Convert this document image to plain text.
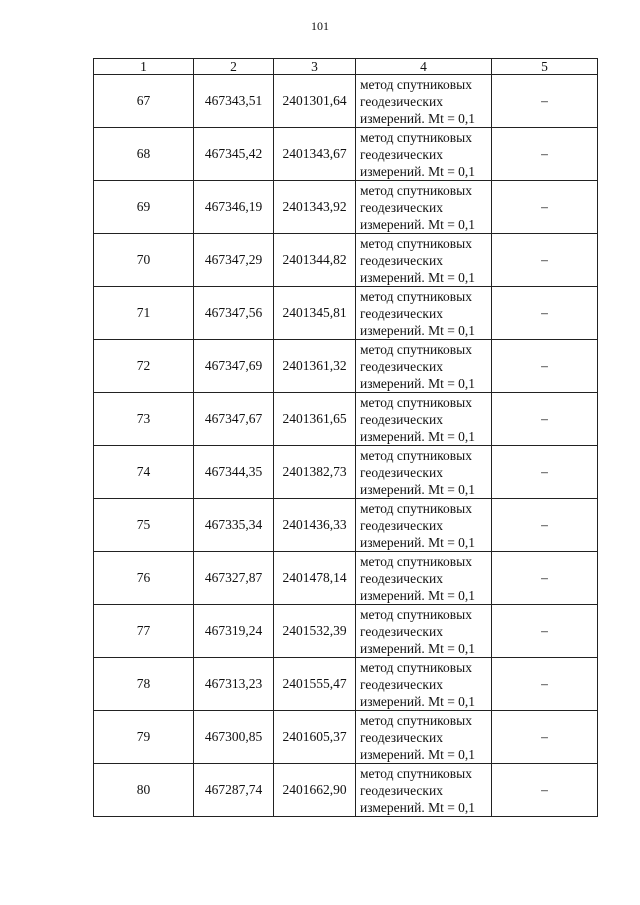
101
1	2	3	4	5
67	467343,51	2401301,64	метод спутниковых
геодезических
измерений. Mt = 0,1	–
68	467345,42	2401343,67	метод спутниковых
геодезических
измерений. Mt = 0,1	–
69	467346,19	2401343,92	метод спутниковых
геодезических
измерений. Mt = 0,1	–
70	467347,29	2401344,82	метод спутниковых
геодезических
измерений. Mt = 0,1	–
71	467347,56	2401345,81	метод спутниковых
геодезических
измерений. Mt = 0,1	–
72	467347,69	2401361,32	метод спутниковых
геодезических
измерений. Mt = 0,1	–
73	467347,67	2401361,65	метод спутниковых
геодезических
измерений. Mt = 0,1	–
74	467344,35	2401382,73	метод спутниковых
геодезических
измерений. Mt = 0,1	–
75	467335,34	2401436,33	метод спутниковых
геодезических
измерений. Mt = 0,1	–
76	467327,87	2401478,14	метод спутниковых
геодезических
измерений. Mt = 0,1	–
77	467319,24	2401532,39	метод спутниковых
геодезических
измерений. Mt = 0,1	–
78	467313,23	2401555,47	метод спутниковых
геодезических
измерений. Mt = 0,1	–
79	467300,85	2401605,37	метод спутниковых
геодезических
измерений. Mt = 0,1	–
80	467287,74	2401662,90	метод спутниковых
геодезических
измерений. Mt = 0,1	–
